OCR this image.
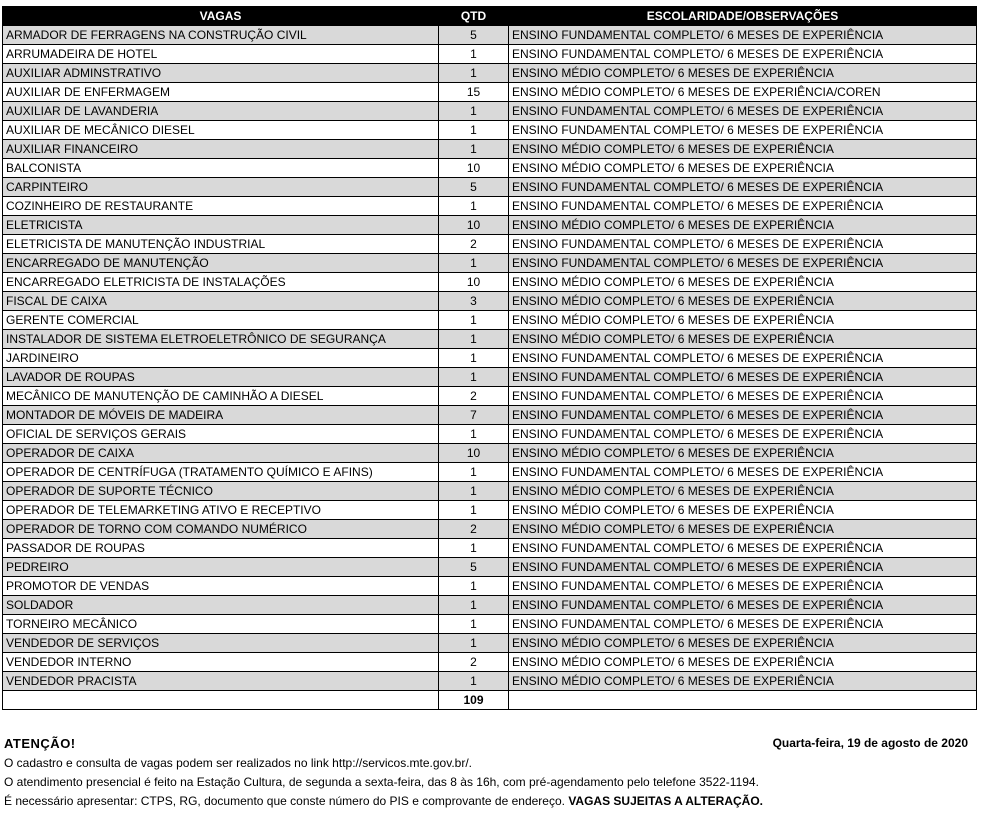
VAGAS	QTD	ESCOLARIDADE/OBSERVAÇÕES
ARMADOR DE FERRAGENS NA CONSTRUÇÃO CIVIL	5	ENSINO FUNDAMENTAL COMPLETO/ 6 MESES DE EXPERIÊNCIA
ARRUMADEIRA DE HOTEL	1	ENSINO FUNDAMENTAL COMPLETO/ 6 MESES DE EXPERIÊNCIA
AUXILIAR ADMINSTRATIVO	1	ENSINO MÉDIO COMPLETO/ 6 MESES DE EXPERIÊNCIA
AUXILIAR DE ENFERMAGEM	15	ENSINO MÉDIO COMPLETO/ 6 MESES DE EXPERIÊNCIA/COREN
AUXILIAR DE LAVANDERIA	1	ENSINO FUNDAMENTAL COMPLETO/ 6 MESES DE EXPERIÊNCIA
AUXILIAR DE MECÂNICO DIESEL	1	ENSINO FUNDAMENTAL COMPLETO/ 6 MESES DE EXPERIÊNCIA
AUXILIAR FINANCEIRO	1	ENSINO MÉDIO COMPLETO/ 6 MESES DE EXPERIÊNCIA
BALCONISTA	10	ENSINO MÉDIO COMPLETO/ 6 MESES DE EXPERIÊNCIA
CARPINTEIRO	5	ENSINO FUNDAMENTAL COMPLETO/ 6 MESES DE EXPERIÊNCIA
COZINHEIRO DE RESTAURANTE	1	ENSINO FUNDAMENTAL COMPLETO/ 6 MESES DE EXPERIÊNCIA
ELETRICISTA	10	ENSINO MÉDIO COMPLETO/ 6 MESES DE EXPERIÊNCIA
ELETRICISTA DE MANUTENÇÃO INDUSTRIAL	2	ENSINO FUNDAMENTAL COMPLETO/ 6 MESES DE EXPERIÊNCIA
ENCARREGADO DE MANUTENÇÃO	1	ENSINO FUNDAMENTAL COMPLETO/ 6 MESES DE EXPERIÊNCIA
ENCARREGADO ELETRICISTA DE INSTALAÇÕES	10	ENSINO MÉDIO COMPLETO/ 6 MESES DE EXPERIÊNCIA
FISCAL DE CAIXA	3	ENSINO MÉDIO COMPLETO/ 6 MESES DE EXPERIÊNCIA
GERENTE COMERCIAL	1	ENSINO MÉDIO COMPLETO/ 6 MESES DE EXPERIÊNCIA
INSTALADOR DE SISTEMA ELETROELETRÔNICO DE SEGURANÇA	1	ENSINO MÉDIO COMPLETO/ 6 MESES DE EXPERIÊNCIA
JARDINEIRO	1	ENSINO FUNDAMENTAL COMPLETO/ 6 MESES DE EXPERIÊNCIA
LAVADOR DE ROUPAS	1	ENSINO FUNDAMENTAL COMPLETO/ 6 MESES DE EXPERIÊNCIA
MECÂNICO DE MANUTENÇÃO DE CAMINHÃO A DIESEL	2	ENSINO FUNDAMENTAL COMPLETO/ 6 MESES DE EXPERIÊNCIA
MONTADOR DE MÓVEIS DE MADEIRA	7	ENSINO FUNDAMENTAL COMPLETO/ 6 MESES DE EXPERIÊNCIA
OFICIAL DE SERVIÇOS GERAIS	1	ENSINO FUNDAMENTAL COMPLETO/ 6 MESES DE EXPERIÊNCIA
OPERADOR DE CAIXA	10	ENSINO MÉDIO COMPLETO/ 6 MESES DE EXPERIÊNCIA
OPERADOR DE CENTRÍFUGA (TRATAMENTO QUÍMICO E AFINS)	1	ENSINO FUNDAMENTAL COMPLETO/ 6 MESES DE EXPERIÊNCIA
OPERADOR DE SUPORTE TÉCNICO	1	ENSINO MÉDIO COMPLETO/ 6 MESES DE EXPERIÊNCIA
OPERADOR DE TELEMARKETING ATIVO E RECEPTIVO	1	ENSINO MÉDIO COMPLETO/ 6 MESES DE EXPERIÊNCIA
OPERADOR DE TORNO COM COMANDO NUMÉRICO	2	ENSINO MÉDIO COMPLETO/ 6 MESES DE EXPERIÊNCIA
PASSADOR DE ROUPAS	1	ENSINO FUNDAMENTAL COMPLETO/ 6 MESES DE EXPERIÊNCIA
PEDREIRO	5	ENSINO FUNDAMENTAL COMPLETO/ 6 MESES DE EXPERIÊNCIA
PROMOTOR DE VENDAS	1	ENSINO FUNDAMENTAL COMPLETO/ 6 MESES DE EXPERIÊNCIA
SOLDADOR	1	ENSINO FUNDAMENTAL COMPLETO/ 6 MESES DE EXPERIÊNCIA
TORNEIRO MECÂNICO	1	ENSINO FUNDAMENTAL COMPLETO/ 6 MESES DE EXPERIÊNCIA
VENDEDOR DE SERVIÇOS	1	ENSINO MÉDIO COMPLETO/ 6 MESES DE EXPERIÊNCIA
VENDEDOR INTERNO	2	ENSINO MÉDIO COMPLETO/ 6 MESES DE EXPERIÊNCIA
VENDEDOR PRACISTA	1	ENSINO MÉDIO COMPLETO/ 6 MESES DE EXPERIÊNCIA
	109	
ATENÇÃO!	Quarta-feira, 19 de agosto de 2020
O cadastro e consulta de vagas podem ser realizados no link http://servicos.mte.gov.br/.
O atendimento presencial é feito na Estação Cultura, de segunda a sexta-feira, das 8 às 16h, com pré-agendamento pelo telefone 3522-1194.
É necessário apresentar: CTPS, RG, documento que conste número do PIS e comprovante de endereço. VAGAS SUJEITAS A ALTERAÇÃO.
